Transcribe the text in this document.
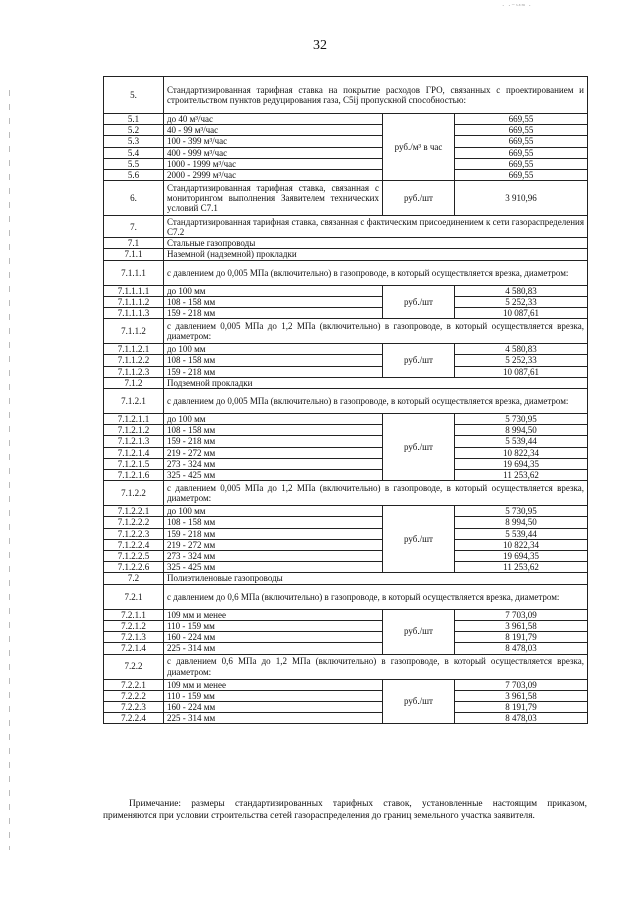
· ·⁻ˢᵃᵐ ·
32
5.	Стандартизированная тарифная ставка на покрытие расходов ГРО, связанных с проектированием и строительством пунктов редуцирования газа, C5ij пропускной способностью:		
5.1	до 40 м³/час	руб./м³ в час	669,55
5.2	40 - 99 м³/час		669,55
5.3	100 - 399 м³/час		669,55
5.4	400 - 999 м³/час		669,55
5.5	1000 - 1999 м³/час		669,55
5.6	2000 - 2999 м³/час		669,55
6.	Стандартизированная тарифная ставка, связанная с мониторингом выполнения Заявителем технических условий C7.1	руб./шт	3 910,96
7.	Стандартизированная тарифная ставка, связанная с фактическим присоединением к сети газораспределения C7.2		
7.1	Стальные газопроводы		
7.1.1	Наземной (надземной) прокладки		
7.1.1.1	с давлением до 0,005 МПа (включительно) в газопроводе, в который осуществляется врезка, диаметром:		
7.1.1.1.1	до 100 мм	руб./шт	4 580,83
7.1.1.1.2	108 - 158 мм		5 252,33
7.1.1.1.3	159 - 218 мм		10 087,61
7.1.1.2	с давлением 0,005 МПа до 1,2 МПа (включительно) в газопроводе, в который осуществляется врезка, диаметром:		
7.1.1.2.1	до 100 мм	руб./шт	4 580,83
7.1.1.2.2	108 - 158 мм		5 252,33
7.1.1.2.3	159 - 218 мм		10 087,61
7.1.2	Подземной прокладки		
7.1.2.1	с давлением до 0,005 МПа (включительно) в газопроводе, в который осуществляется врезка, диаметром:		
7.1.2.1.1	до 100 мм	руб./шт	5 730,95
7.1.2.1.2	108 - 158 мм		8 994,50
7.1.2.1.3	159 - 218 мм		5 539,44
7.1.2.1.4	219 - 272 мм		10 822,34
7.1.2.1.5	273 - 324 мм		19 694,35
7.1.2.1.6	325 - 425 мм		11 253,62
7.1.2.2	с давлением 0,005 МПа до 1,2 МПа (включительно) в газопроводе, в который осуществляется врезка, диаметром:		
7.1.2.2.1	до 100 мм	руб./шт	5 730,95
7.1.2.2.2	108 - 158 мм		8 994,50
7.1.2.2.3	159 - 218 мм		5 539,44
7.1.2.2.4	219 - 272 мм		10 822,34
7.1.2.2.5	273 - 324 мм		19 694,35
7.1.2.2.6	325 - 425 мм		11 253,62
7.2	Полиэтиленовые газопроводы		
7.2.1	с давлением до 0,6 МПа (включительно) в газопроводе, в который осуществляется врезка, диаметром:		
7.2.1.1	109 мм и менее	руб./шт	7 703,09
7.2.1.2	110 - 159 мм		3 961,58
7.2.1.3	160 - 224 мм		8 191,79
7.2.1.4	225 - 314 мм		8 478,03
7.2.2	с давлением 0,6 МПа до 1,2 МПа (включительно) в газопроводе, в который осуществляется врезка, диаметром:		
7.2.2.1	109 мм и менее	руб./шт	7 703,09
7.2.2.2	110 - 159 мм		3 961,58
7.2.2.3	160 - 224 мм		8 191,79
7.2.2.4	225 - 314 мм		8 478,03
Примечание: размеры стандартизированных тарифных ставок, установленные настоящим приказом, применяются при условии строительства сетей газораспределения до границ земельного участка заявителя.
